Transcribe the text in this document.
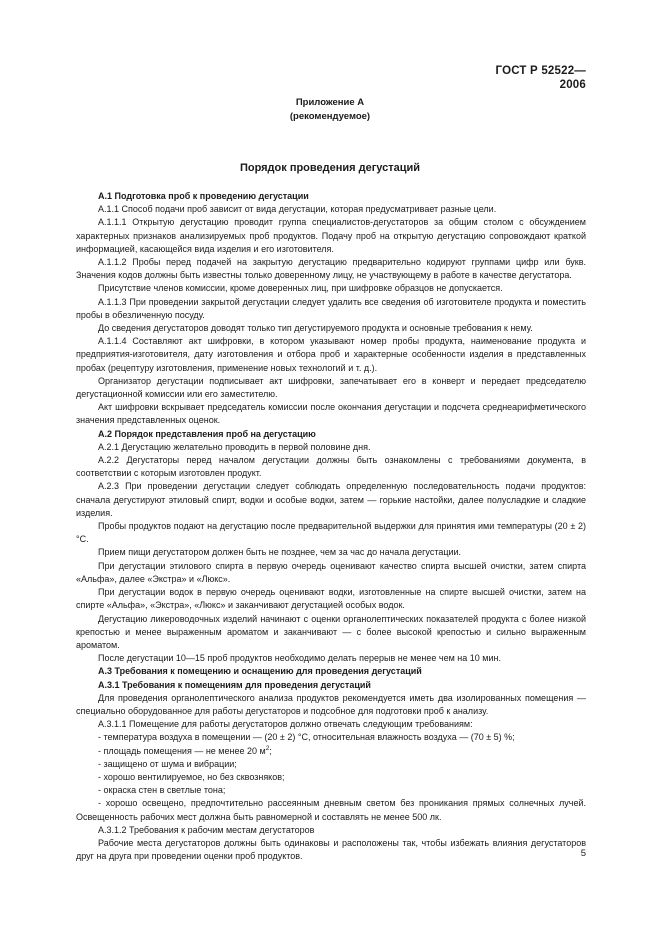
ГОСТ Р 52522—2006
Приложение А
(рекомендуемое)
Порядок проведения дегустаций

А.1 Подготовка проб к проведению дегустации

А.1.1 Способ подачи проб зависит от вида дегустации, которая предусматривает разные цели.

А.1.1.1 Открытую дегустацию проводит группа специалистов-дегустаторов за общим столом с обсуждением характерных признаков анализируемых проб продуктов. Подачу проб на открытую дегустацию сопровождают краткой информацией, касающейся вида изделия и его изготовителя.

А.1.1.2 Пробы перед подачей на закрытую дегустацию предварительно кодируют группами цифр или букв. Значения кодов должны быть известны только доверенному лицу, не участвующему в работе в качестве дегустатора.

Присутствие членов комиссии, кроме доверенных лиц, при шифровке образцов не допускается.

А.1.1.3 При проведении закрытой дегустации следует удалить все сведения об изготовителе продукта и поместить пробы в обезличенную посуду.

До сведения дегустаторов доводят только тип дегустируемого продукта и основные требования к нему.

А.1.1.4 Составляют акт шифровки, в котором указывают номер пробы продукта, наименование продукта и предприятия-изготовителя, дату изготовления и отбора проб и характерные особенности изделия в представленных пробах (рецептуру изготовления, применение новых технологий и т. д.).

Организатор дегустации подписывает акт шифровки, запечатывает его в конверт и передает председателю дегустационной комиссии или его заместителю.

Акт шифровки вскрывает председатель комиссии после окончания дегустации и подсчета среднеарифметического значения представленных оценок.

А.2 Порядок представления проб на дегустацию

А.2.1 Дегустацию желательно проводить в первой половине дня.

А.2.2 Дегустаторы перед началом дегустации должны быть ознакомлены с требованиями документа, в соответствии с которым изготовлен продукт.

А.2.3 При проведении дегустации следует соблюдать определенную последовательность подачи продуктов: сначала дегустируют этиловый спирт, водки и особые водки, затем — горькие настойки, далее полусладкие и сладкие изделия.

Пробы продуктов подают на дегустацию после предварительной выдержки для принятия ими температуры (20 ± 2) °С.

Прием пищи дегустатором должен быть не позднее, чем за час до начала дегустации.

При дегустации этилового спирта в первую очередь оценивают качество спирта высшей очистки, затем спирта «Альфа», далее «Экстра» и «Люкс».

При дегустации водок в первую очередь оценивают водки, изготовленные на спирте высшей очистки, затем на спирте «Альфа», «Экстра», «Люкс» и заканчивают дегустацией особых водок.

Дегустацию ликероводочных изделий начинают с оценки органолептических показателей продукта с более низкой крепостью и менее выраженным ароматом и заканчивают — с более высокой крепостью и сильно выраженным ароматом.

После дегустации 10—15 проб продуктов необходимо делать перерыв не менее чем на 10 мин.

А.3 Требования к помещению и оснащению для проведения дегустаций

А.3.1 Требования к помещениям для проведения дегустаций

Для проведения органолептического анализа продуктов рекомендуется иметь два изолированных помещения — специально оборудованное для работы дегустаторов и подсобное для подготовки проб к анализу.

А.3.1.1 Помещение для работы дегустаторов должно отвечать следующим требованиям:

- температура воздуха в помещении — (20 ± 2) °С, относительная влажность воздуха — (70 ± 5) %;

- площадь помещения — не менее 20 $м^2$;

- защищено от шума и вибрации;

- хорошо вентилируемое, но без сквозняков;

- окраска стен в светлые тона;

- хорошо освещено, предпочтительно рассеянным дневным светом без проникания прямых солнечных лучей. Освещенность рабочих мест должна быть равномерной и составлять не менее 500 лк.

А.3.1.2 Требования к рабочим местам дегустаторов

Рабочие места дегустаторов должны быть одинаковы и расположены так, чтобы избежать влияния дегустаторов друг на друга при проведении оценки проб продуктов.	5
